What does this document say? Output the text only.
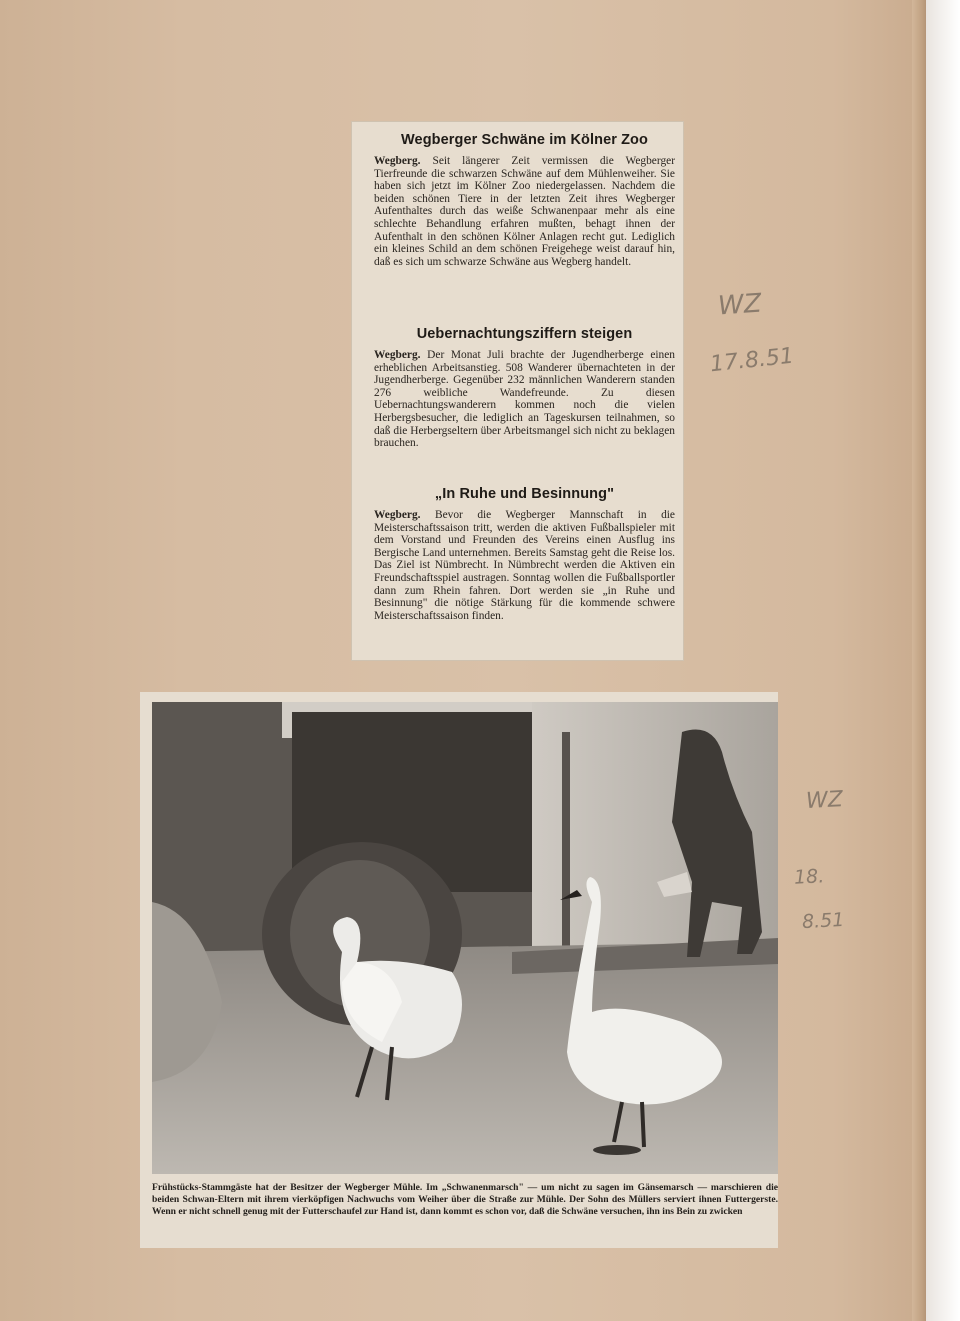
Wegberger Schwäne im Kölner Zoo

Wegberg. Seit längerer Zeit vermissen die Wegberger Tierfreunde die schwarzen Schwäne auf dem Mühlenweiher. Sie haben sich jetzt im Kölner Zoo niedergelassen. Nachdem die beiden schönen Tiere in der letzten Zeit ihres Wegberger Aufenthaltes durch das weiße Schwanenpaar mehr als eine schlechte Behandlung erfahren mußten, behagt ihnen der Aufenthalt in den schönen Kölner Anlagen recht gut. Lediglich ein kleines Schild an dem schönen Freigehege weist darauf hin, daß es sich um schwarze Schwäne aus Wegberg handelt.

Uebernachtungsziffern steigen

Wegberg. Der Monat Juli brachte der Jugendherberge einen erheblichen Arbeitsanstieg. 508 Wanderer übernachteten in der Jugendherberge. Gegenüber 232 männlichen Wanderern standen 276 weibliche Wandefreunde. Zu diesen Uebernachtungswanderern kommen noch die vielen Herbergsbesucher, die lediglich an Tageskursen teilnahmen, so daß die Herbergseltern über Arbeitsmangel sich nicht zu beklagen brauchen.

„In Ruhe und Besinnung"

Wegberg. Bevor die Wegberger Mannschaft in die Meisterschaftssaison tritt, werden die aktiven Fußballspieler mit dem Vorstand und Freunden des Vereins einen Ausflug ins Bergische Land unternehmen. Bereits Samstag geht die Reise los. Das Ziel ist Nümbrecht. In Nümbrecht werden die Aktiven ein Freundschaftsspiel austragen. Sonntag wollen die Fußballsportler dann zum Rhein fahren. Dort werden sie „in Ruhe und Besinnung" die nötige Stärkung für die kommende schwere Meisterschaftssaison finden.

Frühstücks-Stammgäste hat der Besitzer der Wegberger Mühle. Im „Schwanenmarsch" — um nicht zu sagen im Gänsemarsch — marschieren die beiden Schwan-Eltern mit ihrem vierköpfigen Nachwuchs vom Weiher über die Straße zur Mühle. Der Sohn des Müllers serviert ihnen Futtergerste. Wenn er nicht schnell genug mit der Futterschaufel zur Hand ist, dann kommt es schon vor, daß die Schwäne versuchen, ihn ins Bein zu zwicken

WZ

17.8.51

WZ

18.

8.51
